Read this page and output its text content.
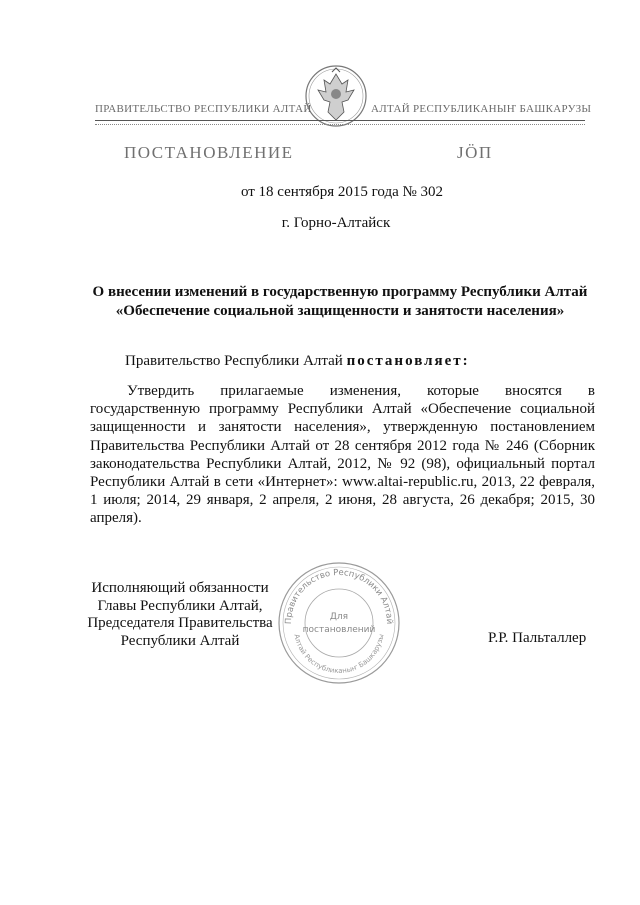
ПРАВИТЕЛЬСТВО РЕСПУБЛИКИ АЛТАЙ	АЛТАЙ РЕСПУБЛИКАНЫҤ БАШКАРУЗЫ
ПОСТАНОВЛЕНИЕ	JӦП
от 18 сентября 2015 года № 302
г. Горно-Алтайск
О внесении изменений в государственную программу Республики Алтай
«Обеспечение социальной защищенности и занятости населения»
Правительство Республики Алтай постановляет:
Утвердить прилагаемые изменения, которые вносятся в государственную программу Республики Алтай «Обеспечение социальной защищенности и занятости населения», утвержденную постановлением Правительства Республики Алтай от 28 сентября 2012 года № 246 (Сборник законодательства Республики Алтай, 2012, № 92 (98), официальный портал Республики Алтай в сети «Интернет»: www.altai-republic.ru, 2013, 22 февраля, 1 июля; 2014, 29 января, 2 апреля, 2 июня, 28 августа, 26 декабря; 2015, 30 апреля).
Исполняющий обязанности
Главы Республики Алтай,
Председателя Правительства
Республики Алтай	Р.Р. Пальталлер
Правительство Республики Алтай
Алтай Республиканыҥ Башкарузы
Для
постановлений
